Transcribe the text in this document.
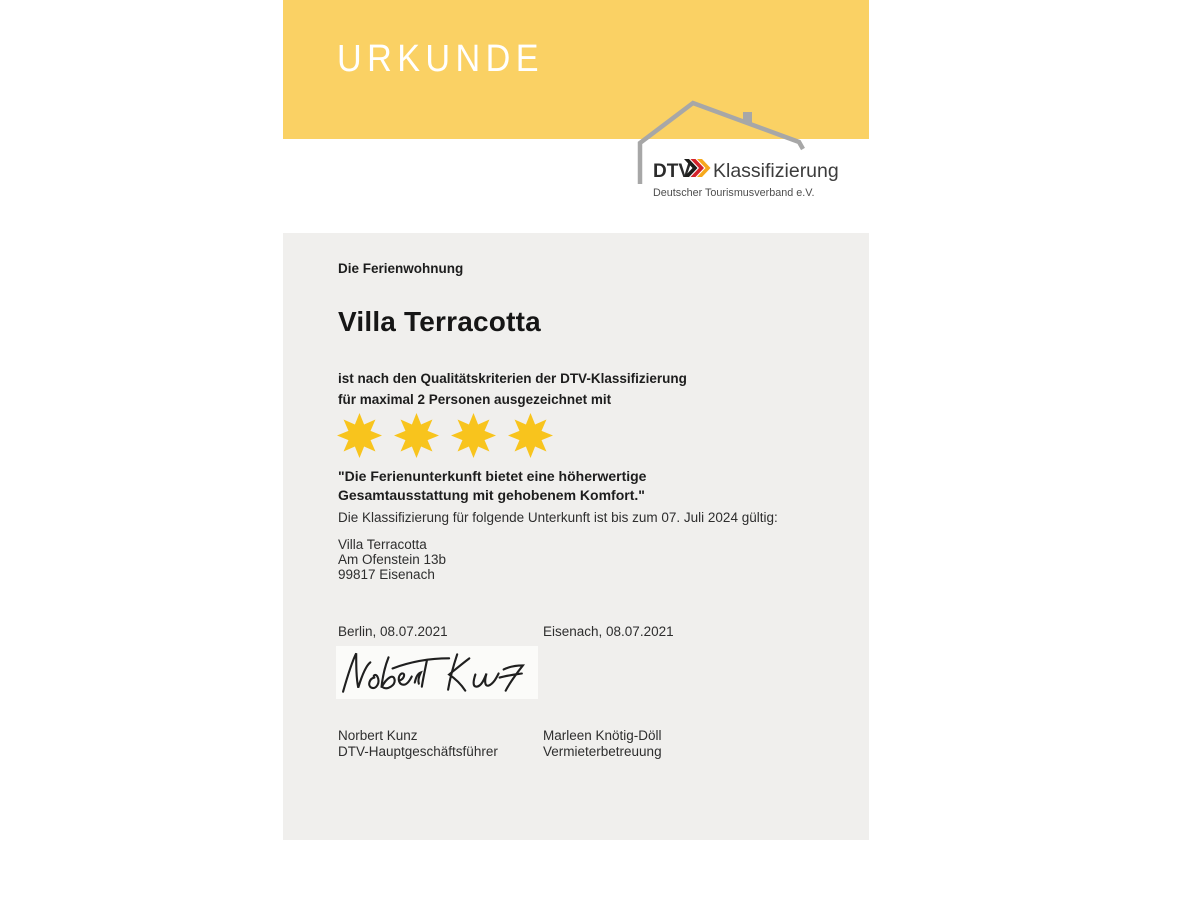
URKUNDE
DTV Klassifizierung
Deutscher Tourismusverband e.V.
Die Ferienwohnung
Villa Terracotta
ist nach den Qualitätskriterien der DTV-Klassifizierung
für maximal 2 Personen ausgezeichnet mit
"Die Ferienunterkunft bietet eine höherwertige
Gesamtausstattung mit gehobenem Komfort."
Die Klassifizierung für folgende Unterkunft ist bis zum 07. Juli 2024 gültig:
Villa Terracotta
Am Ofenstein 13b
99817 Eisenach
Berlin, 08.07.2021	Eisenach, 08.07.2021
Norbert Kunz
DTV-Hauptgeschäftsführer
Marleen Knötig-Döll
Vermieterbetreuung
